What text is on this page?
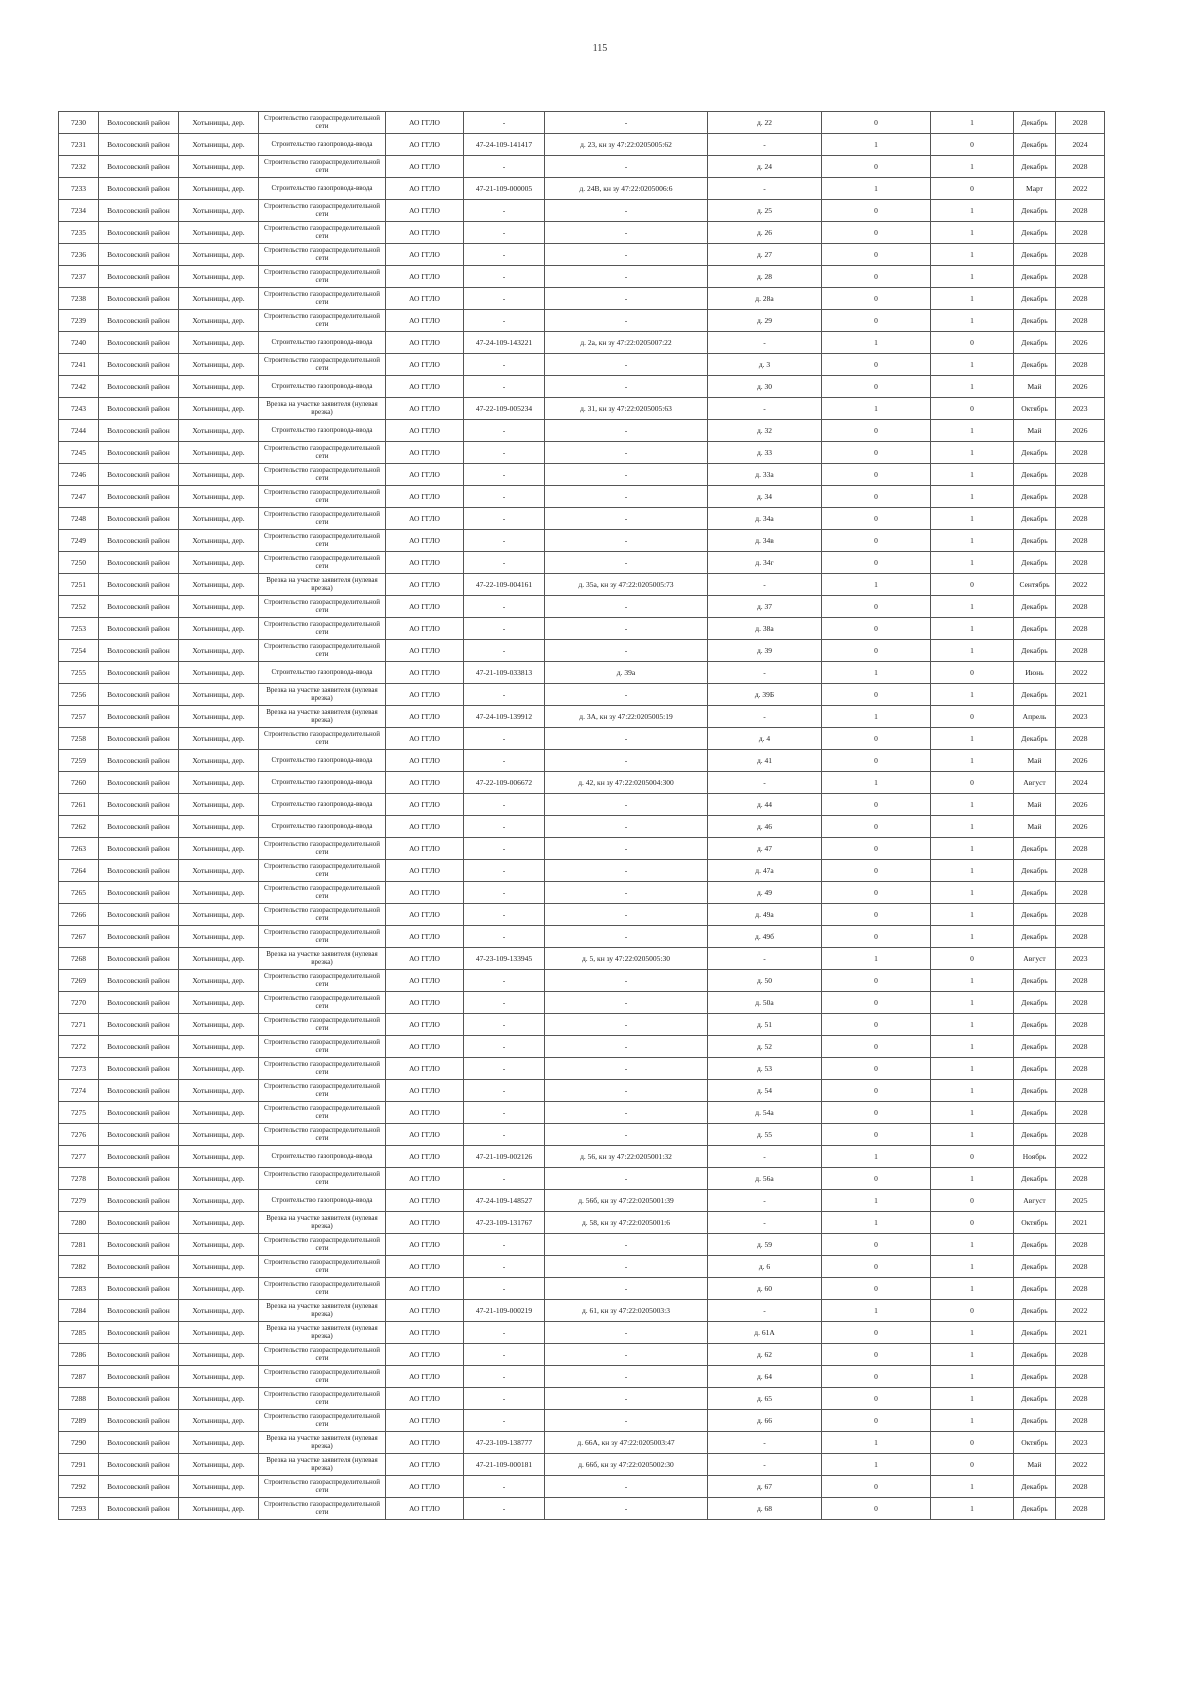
115
7230	Волосовский район	Хотынищы, дер.	Строительство газораспределительной сети	АО ГГЛО	-	-	д. 22	0	1	Декабрь	2028
7231	Волосовский район	Хотынищы, дер.	Строительство газопровода-ввода	АО ГГЛО	47-24-109-141417	д. 23, кн зу 47:22:0205005:62	-	1	0	Декабрь	2024
7232	Волосовский район	Хотынищы, дер.	Строительство газораспределительной сети	АО ГГЛО	-	-	д. 24	0	1	Декабрь	2028
7233	Волосовский район	Хотынищы, дер.	Строительство газопровода-ввода	АО ГГЛО	47-21-109-000005	д. 24В, кн зу 47:22:0205006:6	-	1	0	Март	2022
7234	Волосовский район	Хотынищы, дер.	Строительство газораспределительной сети	АО ГГЛО	-	-	д. 25	0	1	Декабрь	2028
7235	Волосовский район	Хотынищы, дер.	Строительство газораспределительной сети	АО ГГЛО	-	-	д. 26	0	1	Декабрь	2028
7236	Волосовский район	Хотынищы, дер.	Строительство газораспределительной сети	АО ГГЛО	-	-	д. 27	0	1	Декабрь	2028
7237	Волосовский район	Хотынищы, дер.	Строительство газораспределительной сети	АО ГГЛО	-	-	д. 28	0	1	Декабрь	2028
7238	Волосовский район	Хотынищы, дер.	Строительство газораспределительной сети	АО ГГЛО	-	-	д. 28а	0	1	Декабрь	2028
7239	Волосовский район	Хотынищы, дер.	Строительство газораспределительной сети	АО ГГЛО	-	-	д. 29	0	1	Декабрь	2028
7240	Волосовский район	Хотынищы, дер.	Строительство газопровода-ввода	АО ГГЛО	47-24-109-143221	д. 2а, кн зу 47:22:0205007:22	-	1	0	Декабрь	2026
7241	Волосовский район	Хотынищы, дер.	Строительство газораспределительной сети	АО ГГЛО	-	-	д. 3	0	1	Декабрь	2028
7242	Волосовский район	Хотынищы, дер.	Строительство газопровода-ввода	АО ГГЛО	-	-	д. 30	0	1	Май	2026
7243	Волосовский район	Хотынищы, дер.	Врезка на участке заявителя (нулевая врезка)	АО ГГЛО	47-22-109-005234	д. 31, кн зу 47:22:0205005:63	-	1	0	Октябрь	2023
7244	Волосовский район	Хотынищы, дер.	Строительство газопровода-ввода	АО ГГЛО	-	-	д. 32	0	1	Май	2026
7245	Волосовский район	Хотынищы, дер.	Строительство газораспределительной сети	АО ГГЛО	-	-	д. 33	0	1	Декабрь	2028
7246	Волосовский район	Хотынищы, дер.	Строительство газораспределительной сети	АО ГГЛО	-	-	д. 33а	0	1	Декабрь	2028
7247	Волосовский район	Хотынищы, дер.	Строительство газораспределительной сети	АО ГГЛО	-	-	д. 34	0	1	Декабрь	2028
7248	Волосовский район	Хотынищы, дер.	Строительство газораспределительной сети	АО ГГЛО	-	-	д. 34а	0	1	Декабрь	2028
7249	Волосовский район	Хотынищы, дер.	Строительство газораспределительной сети	АО ГГЛО	-	-	д. 34в	0	1	Декабрь	2028
7250	Волосовский район	Хотынищы, дер.	Строительство газораспределительной сети	АО ГГЛО	-	-	д. 34г	0	1	Декабрь	2028
7251	Волосовский район	Хотынищы, дер.	Врезка на участке заявителя (нулевая врезка)	АО ГГЛО	47-22-109-004161	д. 35а, кн зу 47:22:0205005:73	-	1	0	Сентябрь	2022
7252	Волосовский район	Хотынищы, дер.	Строительство газораспределительной сети	АО ГГЛО	-	-	д. 37	0	1	Декабрь	2028
7253	Волосовский район	Хотынищы, дер.	Строительство газораспределительной сети	АО ГГЛО	-	-	д. 38а	0	1	Декабрь	2028
7254	Волосовский район	Хотынищы, дер.	Строительство газораспределительной сети	АО ГГЛО	-	-	д. 39	0	1	Декабрь	2028
7255	Волосовский район	Хотынищы, дер.	Строительство газопровода-ввода	АО ГГЛО	47-21-109-033813	д. 39а	-	1	0	Июнь	2022
7256	Волосовский район	Хотынищы, дер.	Врезка на участке заявителя (нулевая врезка)	АО ГГЛО	-	-	д. 39Б	0	1	Декабрь	2021
7257	Волосовский район	Хотынищы, дер.	Врезка на участке заявителя (нулевая врезка)	АО ГГЛО	47-24-109-139912	д. 3А, кн зу 47:22:0205005:19	-	1	0	Апрель	2023
7258	Волосовский район	Хотынищы, дер.	Строительство газораспределительной сети	АО ГГЛО	-	-	д. 4	0	1	Декабрь	2028
7259	Волосовский район	Хотынищы, дер.	Строительство газопровода-ввода	АО ГГЛО	-	-	д. 41	0	1	Май	2026
7260	Волосовский район	Хотынищы, дер.	Строительство газопровода-ввода	АО ГГЛО	47-22-109-006672	д. 42, кн зу 47:22:0205004:300	-	1	0	Август	2024
7261	Волосовский район	Хотынищы, дер.	Строительство газопровода-ввода	АО ГГЛО	-	-	д. 44	0	1	Май	2026
7262	Волосовский район	Хотынищы, дер.	Строительство газопровода-ввода	АО ГГЛО	-	-	д. 46	0	1	Май	2026
7263	Волосовский район	Хотынищы, дер.	Строительство газораспределительной сети	АО ГГЛО	-	-	д. 47	0	1	Декабрь	2028
7264	Волосовский район	Хотынищы, дер.	Строительство газораспределительной сети	АО ГГЛО	-	-	д. 47а	0	1	Декабрь	2028
7265	Волосовский район	Хотынищы, дер.	Строительство газораспределительной сети	АО ГГЛО	-	-	д. 49	0	1	Декабрь	2028
7266	Волосовский район	Хотынищы, дер.	Строительство газораспределительной сети	АО ГГЛО	-	-	д. 49а	0	1	Декабрь	2028
7267	Волосовский район	Хотынищы, дер.	Строительство газораспределительной сети	АО ГГЛО	-	-	д. 49б	0	1	Декабрь	2028
7268	Волосовский район	Хотынищы, дер.	Врезка на участке заявителя (нулевая врезка)	АО ГГЛО	47-23-109-133945	д. 5, кн зу 47:22:0205005:30	-	1	0	Август	2023
7269	Волосовский район	Хотынищы, дер.	Строительство газораспределительной сети	АО ГГЛО	-	-	д. 50	0	1	Декабрь	2028
7270	Волосовский район	Хотынищы, дер.	Строительство газораспределительной сети	АО ГГЛО	-	-	д. 50а	0	1	Декабрь	2028
7271	Волосовский район	Хотынищы, дер.	Строительство газораспределительной сети	АО ГГЛО	-	-	д. 51	0	1	Декабрь	2028
7272	Волосовский район	Хотынищы, дер.	Строительство газораспределительной сети	АО ГГЛО	-	-	д. 52	0	1	Декабрь	2028
7273	Волосовский район	Хотынищы, дер.	Строительство газораспределительной сети	АО ГГЛО	-	-	д. 53	0	1	Декабрь	2028
7274	Волосовский район	Хотынищы, дер.	Строительство газораспределительной сети	АО ГГЛО	-	-	д. 54	0	1	Декабрь	2028
7275	Волосовский район	Хотынищы, дер.	Строительство газораспределительной сети	АО ГГЛО	-	-	д. 54а	0	1	Декабрь	2028
7276	Волосовский район	Хотынищы, дер.	Строительство газораспределительной сети	АО ГГЛО	-	-	д. 55	0	1	Декабрь	2028
7277	Волосовский район	Хотынищы, дер.	Строительство газопровода-ввода	АО ГГЛО	47-21-109-002126	д. 56, кн зу 47:22:0205001:32	-	1	0	Ноябрь	2022
7278	Волосовский район	Хотынищы, дер.	Строительство газораспределительной сети	АО ГГЛО	-	-	д. 56а	0	1	Декабрь	2028
7279	Волосовский район	Хотынищы, дер.	Строительство газопровода-ввода	АО ГГЛО	47-24-109-148527	д. 56б, кн зу 47:22:0205001:39	-	1	0	Август	2025
7280	Волосовский район	Хотынищы, дер.	Врезка на участке заявителя (нулевая врезка)	АО ГГЛО	47-23-109-131767	д. 58, кн зу 47:22:0205001:6	-	1	0	Октябрь	2021
7281	Волосовский район	Хотынищы, дер.	Строительство газораспределительной сети	АО ГГЛО	-	-	д. 59	0	1	Декабрь	2028
7282	Волосовский район	Хотынищы, дер.	Строительство газораспределительной сети	АО ГГЛО	-	-	д. 6	0	1	Декабрь	2028
7283	Волосовский район	Хотынищы, дер.	Строительство газораспределительной сети	АО ГГЛО	-	-	д. 60	0	1	Декабрь	2028
7284	Волосовский район	Хотынищы, дер.	Врезка на участке заявителя (нулевая врезка)	АО ГГЛО	47-21-109-000219	д. 61, кн зу 47:22:0205003:3	-	1	0	Декабрь	2022
7285	Волосовский район	Хотынищы, дер.	Врезка на участке заявителя (нулевая врезка)	АО ГГЛО	-	-	д. 61А	0	1	Декабрь	2021
7286	Волосовский район	Хотынищы, дер.	Строительство газораспределительной сети	АО ГГЛО	-	-	д. 62	0	1	Декабрь	2028
7287	Волосовский район	Хотынищы, дер.	Строительство газораспределительной сети	АО ГГЛО	-	-	д. 64	0	1	Декабрь	2028
7288	Волосовский район	Хотынищы, дер.	Строительство газораспределительной сети	АО ГГЛО	-	-	д. 65	0	1	Декабрь	2028
7289	Волосовский район	Хотынищы, дер.	Строительство газораспределительной сети	АО ГГЛО	-	-	д. 66	0	1	Декабрь	2028
7290	Волосовский район	Хотынищы, дер.	Врезка на участке заявителя (нулевая врезка)	АО ГГЛО	47-23-109-138777	д. 66А, кн зу 47:22:0205003:47	-	1	0	Октябрь	2023
7291	Волосовский район	Хотынищы, дер.	Врезка на участке заявителя (нулевая врезка)	АО ГГЛО	47-21-109-000181	д. 66б, кн зу 47:22:0205002:30	-	1	0	Май	2022
7292	Волосовский район	Хотынищы, дер.	Строительство газораспределительной сети	АО ГГЛО	-	-	д. 67	0	1	Декабрь	2028
7293	Волосовский район	Хотынищы, дер.	Строительство газораспределительной сети	АО ГГЛО	-	-	д. 68	0	1	Декабрь	2028
